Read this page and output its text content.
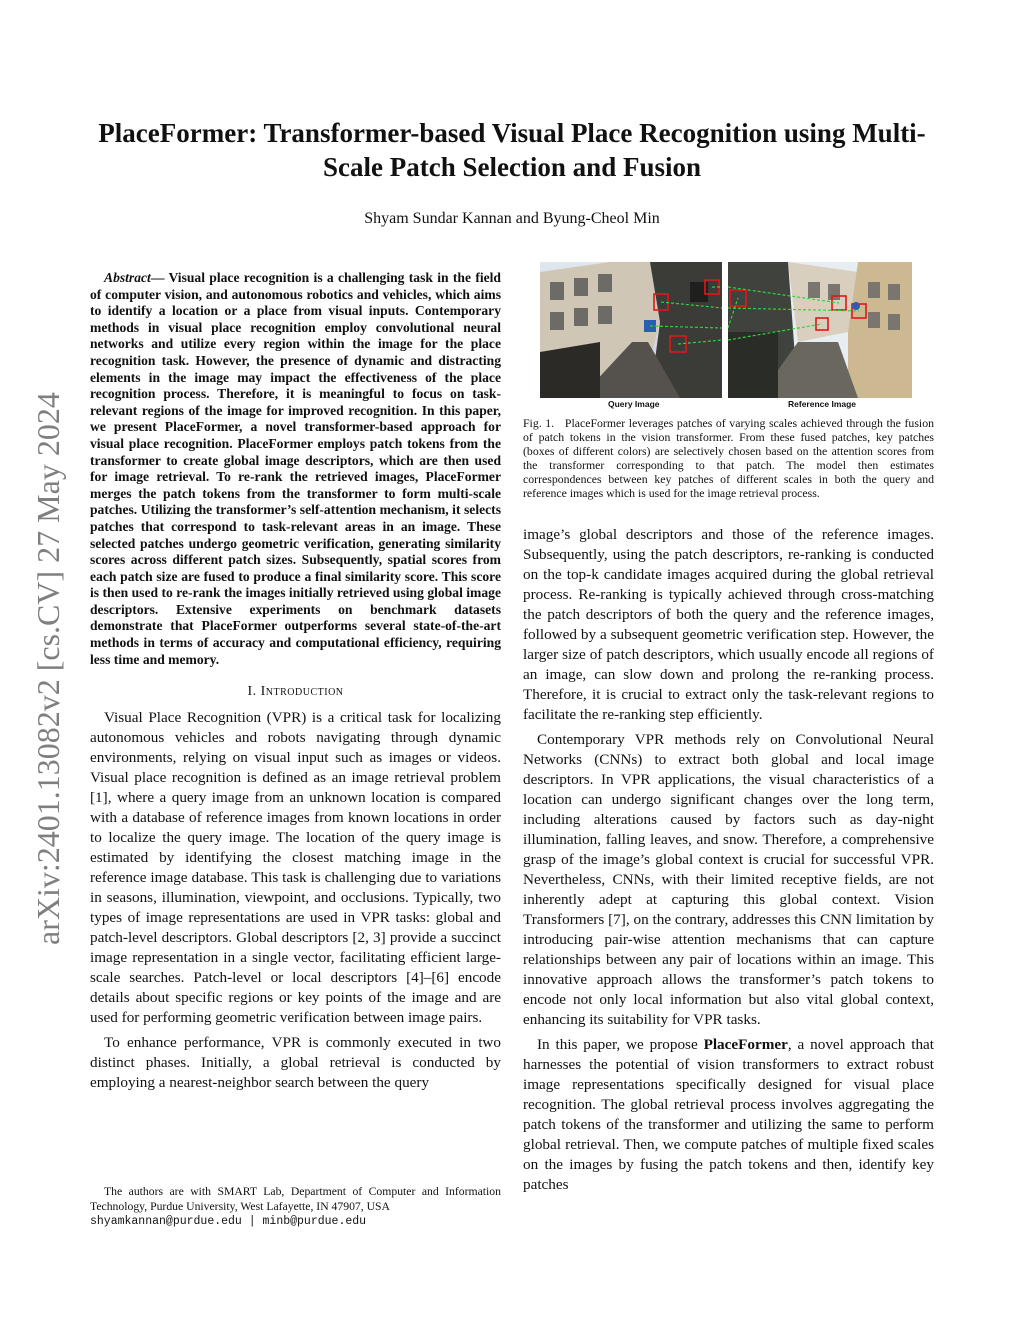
arXiv:2401.13082v2 [cs.CV] 27 May 2024
PlaceFormer: Transformer-based Visual Place Recognition using Multi-Scale Patch Selection and Fusion
Shyam Sundar Kannan and Byung-Cheol Min

Abstract— Visual place recognition is a challenging task in the field of computer vision, and autonomous robotics and vehicles, which aims to identify a location or a place from visual inputs. Contemporary methods in visual place recognition employ convolutional neural networks and utilize every region within the image for the place recognition task. However, the presence of dynamic and distracting elements in the image may impact the effectiveness of the place recognition process. Therefore, it is meaningful to focus on task-relevant regions of the image for improved recognition. In this paper, we present PlaceFormer, a novel transformer-based approach for visual place recognition. PlaceFormer employs patch tokens from the transformer to create global image descriptors, which are then used for image retrieval. To re-rank the retrieved images, PlaceFormer merges the patch tokens from the transformer to form multi-scale patches. Utilizing the transformer’s self-attention mechanism, it selects patches that correspond to task-relevant areas in an image. These selected patches undergo geometric verification, generating similarity scores across different patch sizes. Subsequently, spatial scores from each patch size are fused to produce a final similarity score. This score is then used to re-rank the images initially retrieved using global image descriptors. Extensive experiments on benchmark datasets demonstrate that PlaceFormer outperforms several state-of-the-art methods in terms of accuracy and computational efficiency, requiring less time and memory.

I. Introduction

Visual Place Recognition (VPR) is a critical task for localizing autonomous vehicles and robots navigating through dynamic environments, relying on visual input such as images or videos. Visual place recognition is defined as an image retrieval problem [1], where a query image from an unknown location is compared with a database of reference images from known locations in order to localize the query image. The location of the query image is estimated by identifying the closest matching image in the reference image database. This task is challenging due to variations in seasons, illumination, viewpoint, and occlusions. Typically, two types of image representations are used in VPR tasks: global and patch-level descriptors. Global descriptors [2, 3] provide a succinct image representation in a single vector, facilitating efficient large-scale searches. Patch-level or local descriptors [4]–[6] encode details about specific regions or key points of the image and are used for performing geometric verification between image pairs.

To enhance performance, VPR is commonly executed in two distinct phases. Initially, a global retrieval is conducted by employing a nearest-neighbor search between the query

The authors are with SMART Lab, Department of Computer and Information Technology, Purdue University, West Lafayette, IN 47907, USA

shyamkannan@purdue.edu | minb@purdue.edu

Query Image	Reference Image

Fig. 1. PlaceFormer leverages patches of varying scales achieved through the fusion of patch tokens in the vision transformer. From these fused patches, key patches (boxes of different colors) are selectively chosen based on the attention scores from the transformer corresponding to that patch. The model then estimates correspondences between key patches of different scales in both the query and reference images which is used for the image retrieval process.

image’s global descriptors and those of the reference images. Subsequently, using the patch descriptors, re-ranking is conducted on the top-k candidate images acquired during the global retrieval process. Re-ranking is typically achieved through cross-matching the patch descriptors of both the query and the reference images, followed by a subsequent geometric verification step. However, the larger size of patch descriptors, which usually encode all regions of an image, can slow down and prolong the re-ranking process. Therefore, it is crucial to extract only the task-relevant regions to facilitate the re-ranking step efficiently.

Contemporary VPR methods rely on Convolutional Neural Networks (CNNs) to extract both global and local image descriptors. In VPR applications, the visual characteristics of a location can undergo significant changes over the long term, including alterations caused by factors such as day-night illumination, falling leaves, and snow. Therefore, a comprehensive grasp of the image’s global context is crucial for successful VPR. Nevertheless, CNNs, with their limited receptive fields, are not inherently adept at capturing this global context. Vision Transformers [7], on the contrary, addresses this CNN limitation by introducing pair-wise attention mechanisms that can capture relationships between any pair of locations within an image. This innovative approach allows the transformer’s patch tokens to encode not only local information but also vital global context, enhancing its suitability for VPR tasks.

In this paper, we propose PlaceFormer, a novel approach that harnesses the potential of vision transformers to extract robust image representations specifically designed for visual place recognition. The global retrieval process involves aggregating the patch tokens of the transformer and utilizing the same to perform global retrieval. Then, we compute patches of multiple fixed scales on the images by fusing the patch tokens and then, identify key patches
